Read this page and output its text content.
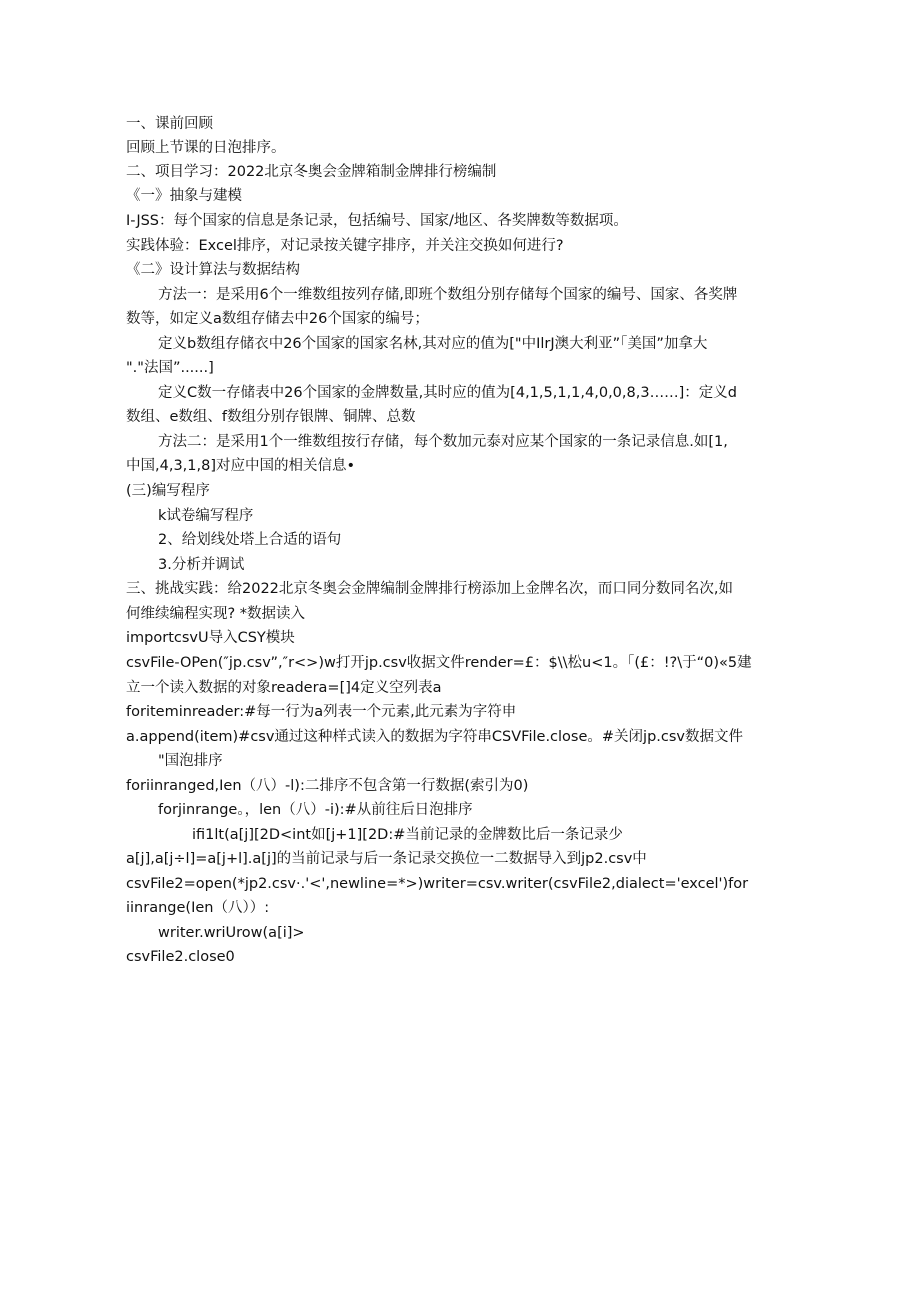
一、课前回顾
回顾上节课的日泡排序。
二、项目学习：2022北京冬奥会金牌箱制金牌排行榜编制
《一》抽象与建模
I-JSS：每个国家的信息是条记录，包括编号、国家/地区、各奖牌数等数据项。
实践体验：Excel排序，对记录按关键字排序，并关注交换如何进行?
《二》设计算法与数据结构
方法一：是采用6个一维数组按列存储,即班个数组分别存储每个国家的编号、国家、各奖牌
数等，如定义a数组存储去中26个国家的编号；
定义b数组存储衣中26个国家的国家名林,其对应的值为["中IlrJ澳大利亚”「美国”加拿大
"."法国”......]
定义C数一存储表中26个国家的金牌数量,其时应的值为[4,1,5,1,1,4,0,0,8,3……]：定义d
数组、e数组、f数组分别存银牌、铜牌、总数
方法二：是采用1个一维数组按行存储，每个数加元泰对应某个国家的一条记录信息.如[1,
中国,4,3,1,8]对应中国的相关信息•
(三)编写程序
k试卷编写程序
2、给划线处塔上合适的语句
3.分析并调试
三、挑战实践：给2022北京冬奥会金牌编制金牌排行榜添加上金牌名次，而口同分数同名次,如
何维续编程实现? *数据读入
importcsvU导入CSY模块
csvFile-OPen(″jp.csv”,″r<>)w打开jp.csv收据文件render=£：$\\松u<1。「(£：!?\于“0)«5建
立一个读入数据的对象readera=[]4定义空列表a
foriteminreader:#每一行为a列表一个元素,此元素为字符申
a.append(item)#csv通过这种样式读入的数据为字符串CSVFile.close。#关闭jp.csv数据文件
"国泡排序
foriinranged,Ien（八）-l):二排序不包含第一行数据(索引为0)
forjinrange。，len（八）-i):#从前往后日泡排序
ifi1lt(a[j][2D<int如[j+1][2D:#当前记录的金牌数比后一条记录少
a[j],a[j÷l]=a[j+l].a[j]的当前记录与后一条记录交换位一二数据导入到jp2.csv中
csvFile2=open(*jp2.csv·.'<',newline=*>)writer=csv.writer(csvFile2,dialect='excel')for
iinrange(Ien（八））:
writer.wriUrow(a[i]>
csvFile2.close0
